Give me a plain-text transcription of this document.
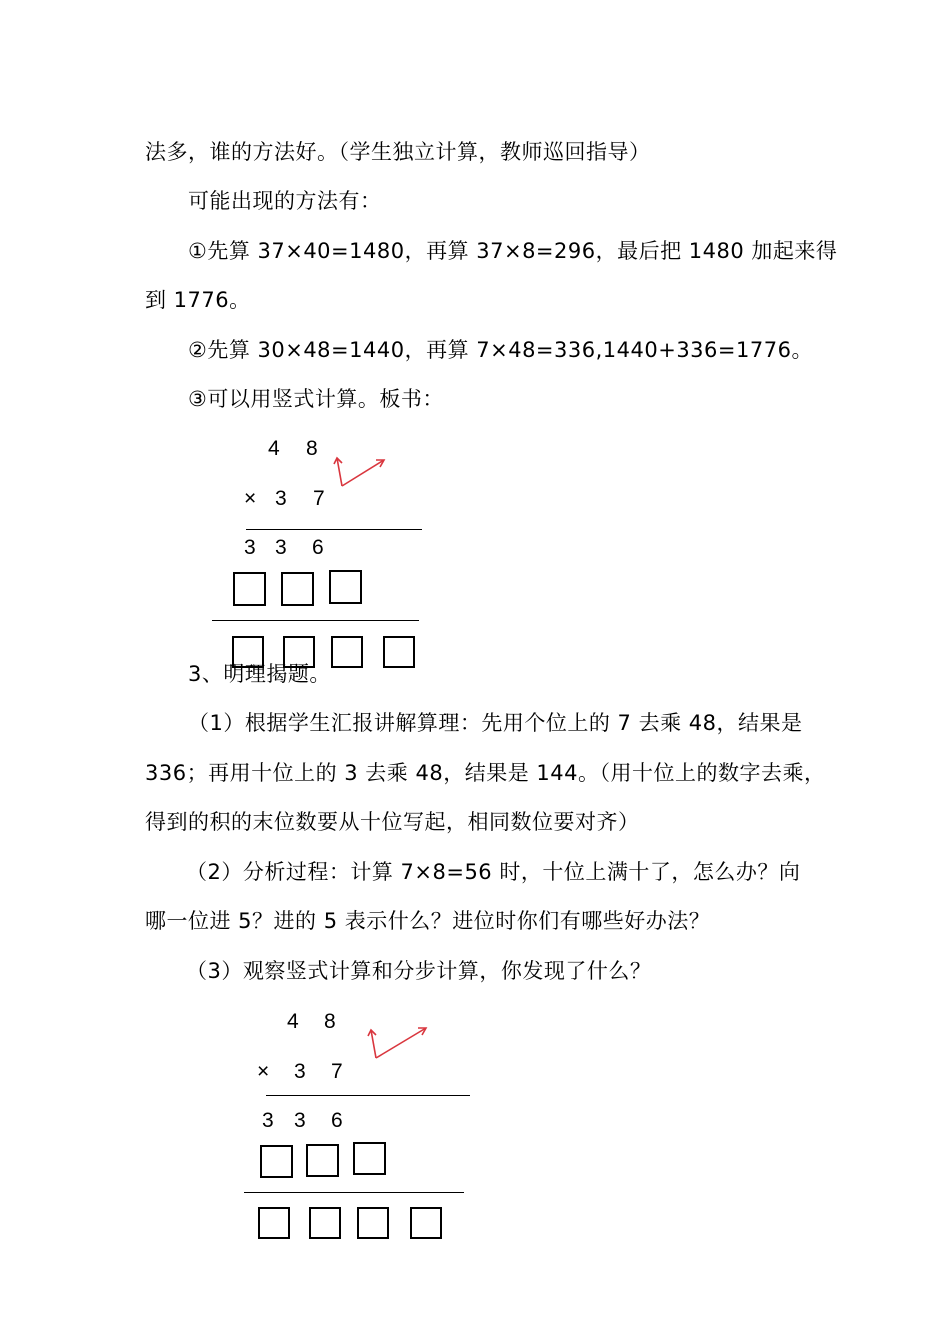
法多，谁的方法好。（学生独立计算，教师巡回指导）
可能出现的方法有：
①先算 37×40=1480，再算 37×8=296，最后把 1480 加起来得
到 1776。
②先算 30×48=1440，再算 7×48=336,1440+336=1776。
③可以用竖式计算。板书：
4 8
× 3 7
3 3 6
3、明理揭题。
（1）根据学生汇报讲解算理：先用个位上的 7 去乘 48，结果是
336；再用十位上的 3 去乘 48，结果是 144。（用十位上的数字去乘，
得到的积的末位数要从十位写起，相同数位要对齐）
（2）分析过程：计算 7×8=56 时，十位上满十了，怎么办？向
哪一位进 5？进的 5 表示什么？进位时你们有哪些好办法？
（3）观察竖式计算和分步计算，你发现了什么？
4 8
× 3 7
3 3 6
